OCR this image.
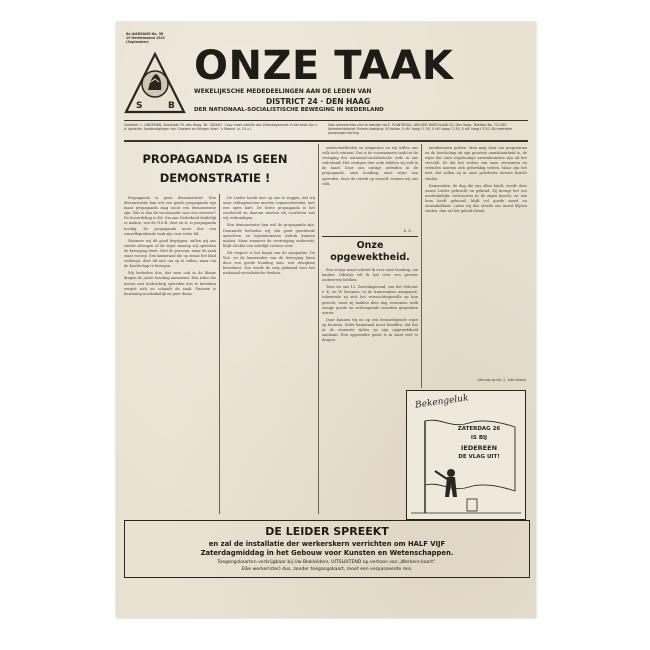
6e JAARGANG No. 36
19 Herfstmaand 1941
(September)
S	B
ONZE TAAK
WEKELIJKSCHE MEDEDEELINGEN AAN DE LEDEN VAN
DISTRICT 24 · DEN HAAG
DER NATIONAAL-SOCIALISTISCHE BEWEGING IN NEDERLAND
Opsteller: L. LINDEMAN, Zeestraat 76, den Haag. Tel. 180440 · Copy moet uiterlijk des Zaterdagavonds in het bezit zijn v. d. opsteller. Aankondigingen van Groepen en Kringen uiterl. 's Maand. (v. 14 u.)
Voor advertenties zich te wenden tot E. PLANTENGA, VAN DER BURCHLAAN 20, Den Haag. Telefoon No. 721180 · Advertentietarief: Enkele plaatsing: 40 kolom, 0 cM. hoog f 1.50, 0 cM. hoog f 2.50, 0 cM. hoog f 3.50. Bij meerdere plaatsingen korting
PROPAGANDA IS GEEN DEMONSTRATIE !

Propaganda is geen demonstratie! Een demonstratie kan wel een goede propaganda zijn maar propaganda mag nooit een demonstratie zijn. Wat is dan de voorwaarde voor een verweer? De beoordeling is dit: Om aan Nederland duidelijk te maken, wat de N.S.B. doet en is, is propaganda noodig. De propaganda moet dus een vanzelfsprekende taak zijn voor ieder lid.

Wanneer wij dit goed begrijpen, zullen wij ons steeds afvragen of de wijze waarop wij optreden de beweging dient. Niet de persoon, maar de zaak staat voorop. Een kameraad die op straat het blad verkoopt, doet dit niet om op te vallen, maar om de boodschap te brengen.

Wij bedoelen dus, dat men ook in de kleine dingen de juiste houding aanneemt. Een ieder die meent met luidruchtig optreden iets te bereiken vergist zich en schaadt de zaak. Daarom is bezinning noodzakelijk en juist thans.

De Leider houdt niet op ons te zeggen, dat wij onze volksgenooten moeten tegemoettreden, met een open hart. De beste propaganda is het voorbeeld en daarom moeten wij voorleven wat wij verkondigen.

Een demonstratie kan wel de propaganda zijn. Daarmede bedoelen wij, dat goed geordende optochten en bijeenkomsten indruk kunnen maken. Maar wanneer de overtuiging ontbreekt, blijft slechts een uiterlijk vertoon over.

Dit respect is het begin van de sympathie. De W.A. en de kameraden van de beweging laten door een goede houding zien, wat discipline beteekent. Zoo wordt de weg gebaand voor het nationaal-socialistische denken.

onbeschoftheden en plagerijen en wij willen ons volk toch winnen! Dat is de voornaamste taak tot de vestiging der nationaal-socialistische orde in ons vaderland! Het vestigen dier orde hebben wij zelf in de hand. Door ons nuttige arbeiden in de propaganda, onze houding, onze wijze van optreden: door de critiek op onszelf, winnen wij ons volk.

L. L.
Onze opgewektheid.

Een vorige maal schreef ik over onze houding, om kanker. Dikwijls wil ik het over een grooter onderwerp hebben.

Toen we ons 13. Zaterdagavond, van het Gebouw v. K. en W. kwamen, in de tramwagens aangepast, tekenende zij zich het verwachtingsvolle op hun gezicht, want zij hadden dien dag vernomen welk eenige goede en verheugende woorden gesproken waren.

Daar kunnen wij nu op een bemoedigende wijze op bouwen. Ieder kameraad moet beseffen, dat het in de zwaarste tijden op zijn opgewektheid aankomt. Een opgewekte geest is in staat veel te dragen.

menkomsten putten. Men mag daar om programma en de boodschap uit zijn grootste onmisbaarheid is, de wijze dat onze regelmatige samenkomsten zijn uit het verschil. Er dat het verlies van onze verwanten en vrienden moeten zich gebrekkig voelen. Maar zijn het niet, dat zullen zij in onze gelederen nieuwe kracht vinden.

Kameraden, de dag die ons allen bindt, wordt door onzen Leider gebracht en gekend. Zij brengt het zoo noodzakelijke vertrouwen in de eigen kracht, en wie hem heeft gehoord, blijft vol goede moed en onwankelbaar. Laten wij dus steeds ons moed blijven vinden, dan zal het geluid ideaal.

(Vervolg op blz. 2, 1ste kolom)
Bekengeluk
ZATERDAG 26
IS BIJ
IEDEREEN
DE VLAG UIT!
DE LEIDER SPREEKT
en zal de installatie der werkerskern verrichten om HALF VIJF
Zaterdagmiddag in het Gebouw voor Kunsten en Wetenschappen.
Toegangskaarten verkrijgbaar bij Uw Blokleiders, UITSLUITEND op vertoon van „Werkers-kaart".
Elke werker(ster) dus, zonder toegangskaart, moet een verpasseerde reis.
